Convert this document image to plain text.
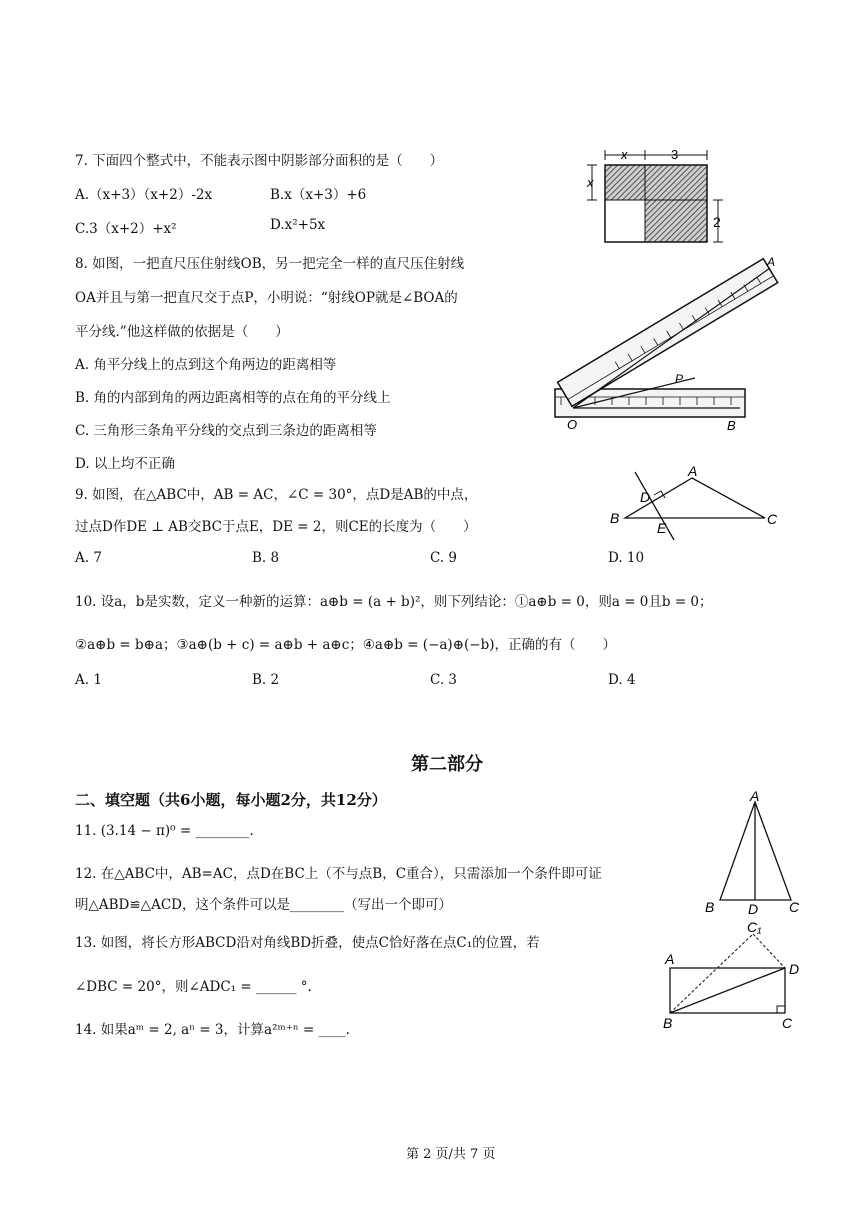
7. 下面四个整式中，不能表示图中阴影部分面积的是（　　）
A.（x+3）（x+2）-2x	B.x（x+3）+6
C.3（x+2）+x²	D.x²+5x
x	3
x
2
8. 如图，一把直尺压住射线OB，另一把完全一样的直尺压住射线
OA并且与第一把直尺交于点P，小明说：“射线OP就是∠BOA的
平分线.”他这样做的依据是（　　）
A. 角平分线上的点到这个角两边的距离相等
B. 角的内部到角的两边距离相等的点在角的平分线上
C. 三角形三条角平分线的交点到三条边的距离相等
D. 以上均不正确
A
P
O	B
9. 如图，在△ABC中，AB = AC，∠C = 30°，点D是AB的中点，
过点D作DE ⊥ AB交BC于点E，DE = 2，则CE的长度为（　　）
A. 7	B. 8	C. 9	D. 10
A
D
B
E
C
10. 设a，b是实数，定义一种新的运算：a⊕b = (a + b)²，则下列结论：①a⊕b = 0，则a = 0且b = 0；
②a⊕b = b⊕a；③a⊕(b + c) = a⊕b + a⊕c；④a⊕b = (−a)⊕(−b)，正确的有（　　）
A. 1	B. 2	C. 3	D. 4
第二部分
二、填空题（共6小题，每小题2分，共12分）
11. (3.14 − π)⁰ = ________.
12. 在△ABC中，AB=AC，点D在BC上（不与点B，C重合），只需添加一个条件即可证
明△ABD≌△ACD，这个条件可以是________（写出一个即可）
A
B D C
13. 如图，将长方形ABCD沿对角线BD折叠，使点C恰好落在点C₁的位置，若
∠DBC = 20°，则∠ADC₁ = ______ °.
C₁
A
D
B	C
14. 如果aᵐ = 2, aⁿ = 3，计算a²ᵐ⁺ⁿ = ____.
第 2 页/共 7 页
